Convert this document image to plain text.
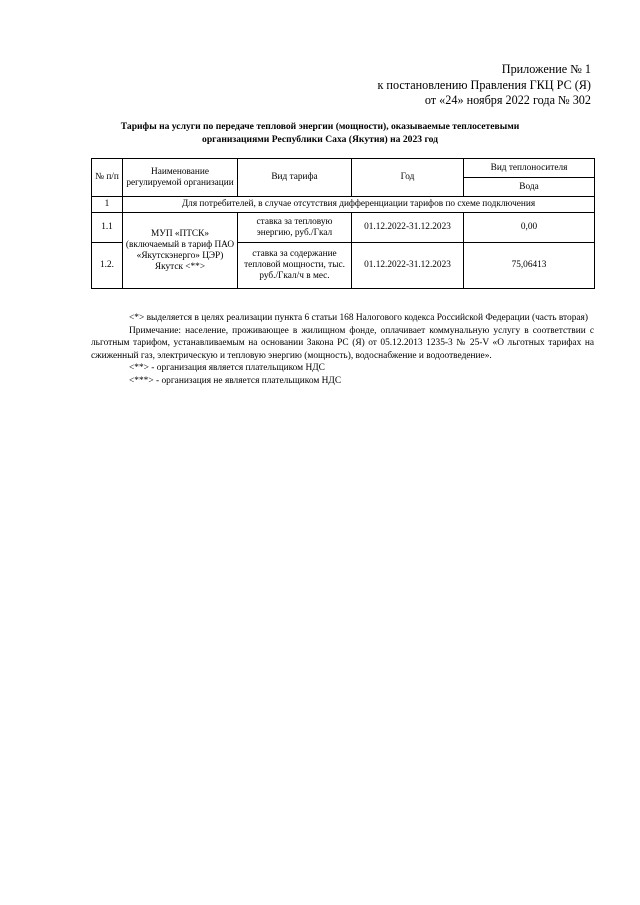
Приложение № 1
к постановлению Правления ГКЦ РС (Я)
от «24» ноября 2022 года № 302
Тарифы на услуги по передаче тепловой энергии (мощности), оказываемые теплосетевыми организациями Республики Саха (Якутия) на 2023 год
№ п/п	Наименование регулируемой организации	Вид тарифа	Год	Вид теплоносителя
				Вода
1	Для потребителей, в случае отсутствия дифференциации тарифов по схеме подключения			
1.1	МУП «ПТСК» (включаемый в тариф ПАО «Якутскэнерго» ЦЭР) Якутск <**>	ставка за тепловую энергию, руб./Гкал	01.12.2022-31.12.2023	0,00
1.2.		ставка за содержание тепловой мощности, тыс. руб./Гкал/ч в мес.	01.12.2022-31.12.2023	75,06413

<*> выделяется в целях реализации пункта 6 статьи 168 Налогового кодекса Российской Федерации (часть вторая)

Примечание: население, проживающее в жилищном фонде, оплачивает коммунальную услугу в соответствии с льготным тарифом, устанавливаемым на основании Закона РС (Я) от 05.12.2013 1235-3 № 25-V «О льготных тарифах на сжиженный газ, электрическую и тепловую энергию (мощность), водоснабжение и водоотведение».

<**> - организация является плательщиком НДС

<***> - организация не является плательщиком НДС
